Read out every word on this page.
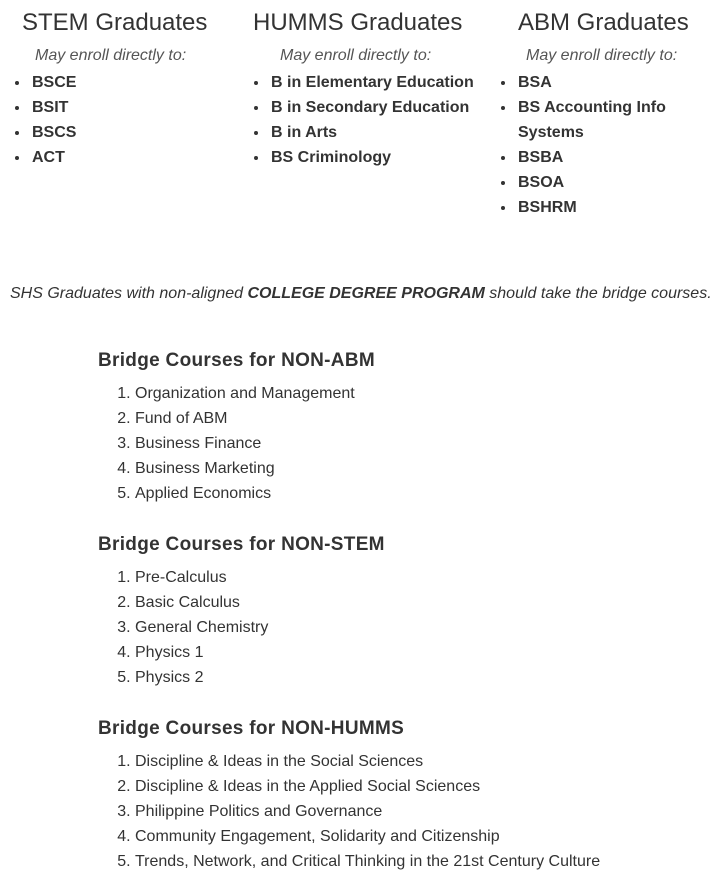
STEM Graduates

May enroll directly to:

• BSCE
• BSIT
• BSCS
• ACT
HUMMS Graduates

May enroll directly to:

• B in Elementary Education
• B in Secondary Education
• B in Arts
• BS Criminology
ABM Graduates

May enroll directly to:

• BSA
• BS Accounting Info Systems
• BSBA
• BSOA
• BSHRM

SHS Graduates with non-aligned COLLEGE DEGREE PROGRAM should take the bridge courses.

Bridge Courses for NON-ABM
1. Organization and Management
2. Fund of ABM
3. Business Finance
4. Business Marketing
5. Applied Economics
Bridge Courses for NON-STEM
1. Pre-Calculus
2. Basic Calculus
3. General Chemistry
4. Physics 1
5. Physics 2
Bridge Courses for NON-HUMMS
1. Discipline & Ideas in the Social Sciences
2. Discipline & Ideas in the Applied Social Sciences
3. Philippine Politics and Governance
4. Community Engagement, Solidarity and Citizenship
5. Trends, Network, and Critical Thinking in the 21st Century Culture
